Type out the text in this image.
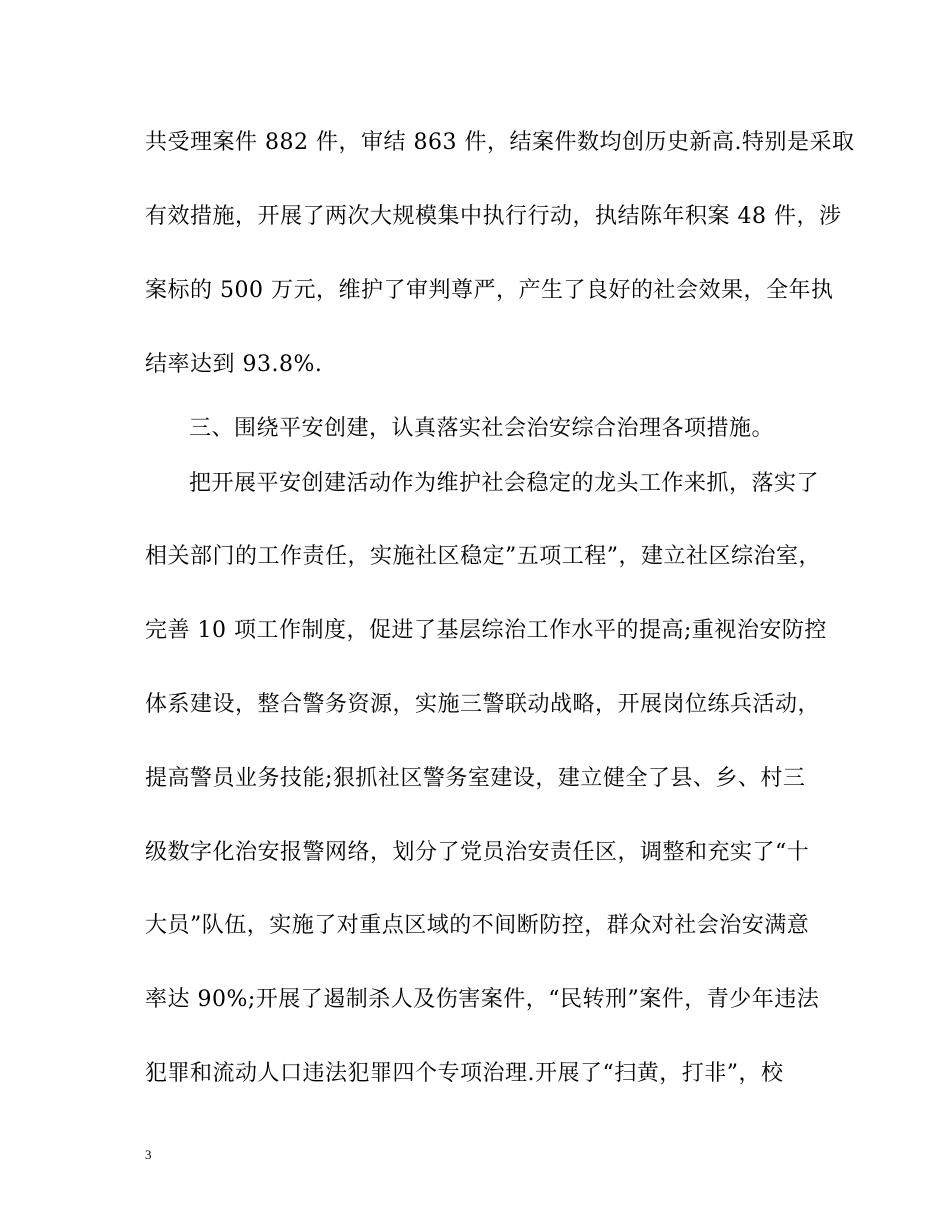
共受理案件 882 件，审结 863 件，结案件数均创历史新高.特别是采取
有效措施，开展了两次大规模集中执行行动，执结陈年积案 48 件，涉
案标的 500 万元，维护了审判尊严，产生了良好的社会效果，全年执
结率达到 93.8%.
三、围绕平安创建，认真落实社会治安综合治理各项措施。
把开展平安创建活动作为维护社会稳定的龙头工作来抓，落实了
相关部门的工作责任，实施社区稳定”五项工程”，建立社区综治室，
完善 10 项工作制度，促进了基层综治工作水平的提高;重视治安防控
体系建设，整合警务资源，实施三警联动战略，开展岗位练兵活动，
提高警员业务技能;狠抓社区警务室建设，建立健全了县、乡、村三
级数字化治安报警网络，划分了党员治安责任区，调整和充实了“十
大员”队伍，实施了对重点区域的不间断防控，群众对社会治安满意
率达 90%;开展了遏制杀人及伤害案件，“民转刑”案件，青少年违法
犯罪和流动人口违法犯罪四个专项治理.开展了“扫黄，打非”，校
3
